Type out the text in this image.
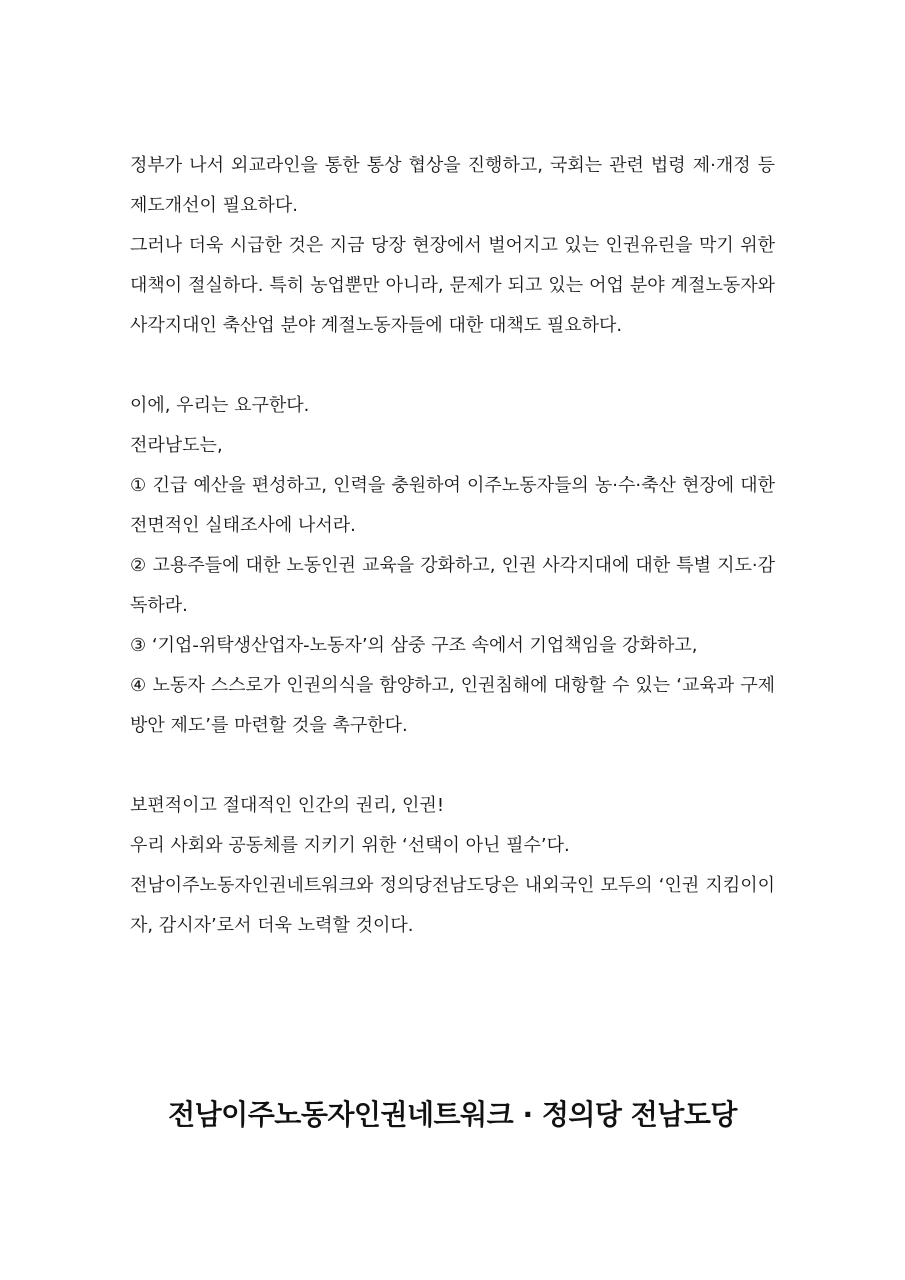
정부가 나서 외교라인을 통한 통상 협상을 진행하고, 국회는 관련 법령 제·개정 등 제도개선이 필요하다.

그러나 더욱 시급한 것은 지금 당장 현장에서 벌어지고 있는 인권유린을 막기 위한 대책이 절실하다. 특히 농업뿐만 아니라, 문제가 되고 있는 어업 분야 계절노동자와 사각지대인 축산업 분야 계절노동자들에 대한 대책도 필요하다.

이에, 우리는 요구한다.

전라남도는,

① 긴급 예산을 편성하고, 인력을 충원하여 이주노동자들의 농·수·축산 현장에 대한 전면적인 실태조사에 나서라.

② 고용주들에 대한 노동인권 교육을 강화하고, 인권 사각지대에 대한 특별 지도·감독하라.

③ ‘기업-위탁생산업자-노동자’의 삼중 구조 속에서 기업책임을 강화하고,

④ 노동자 스스로가 인권의식을 함양하고, 인권침해에 대항할 수 있는 ‘교육과 구제방안 제도’를 마련할 것을 촉구한다.

보편적이고 절대적인 인간의 권리, 인권!

우리 사회와 공동체를 지키기 위한 ‘선택이 아닌 필수’다.

전남이주노동자인권네트워크와 정의당전남도당은 내외국인 모두의 ‘인권 지킴이이자, 감시자’로서 더욱 노력할 것이다.

전남이주노동자인권네트워크 · 정의당 전남도당
